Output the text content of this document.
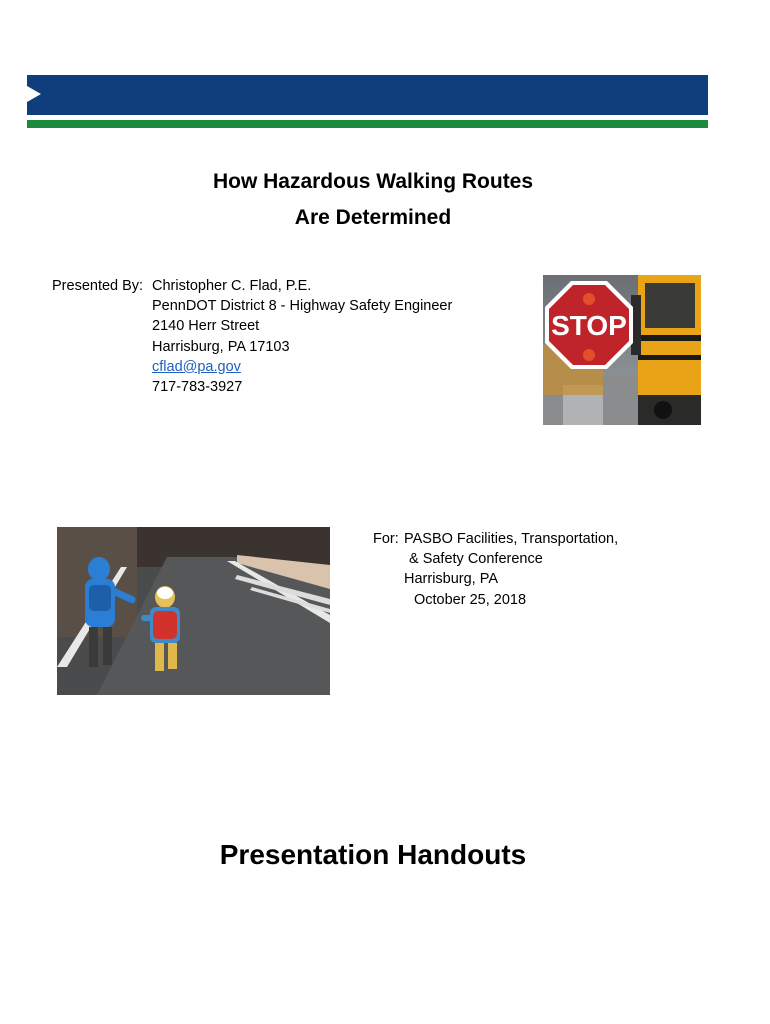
How Hazardous Walking Routes
Are Determined
Presented By: Christopher C. Flad, P.E.
PennDOT District 8 - Highway Safety Engineer
2140 Herr Street
Harrisburg, PA 17103
cflad@pa.gov
717-783-3927
STOP
For: PASBO Facilities, Transportation,
& Safety Conference
Harrisburg, PA
October 25, 2018
Presentation Handouts
